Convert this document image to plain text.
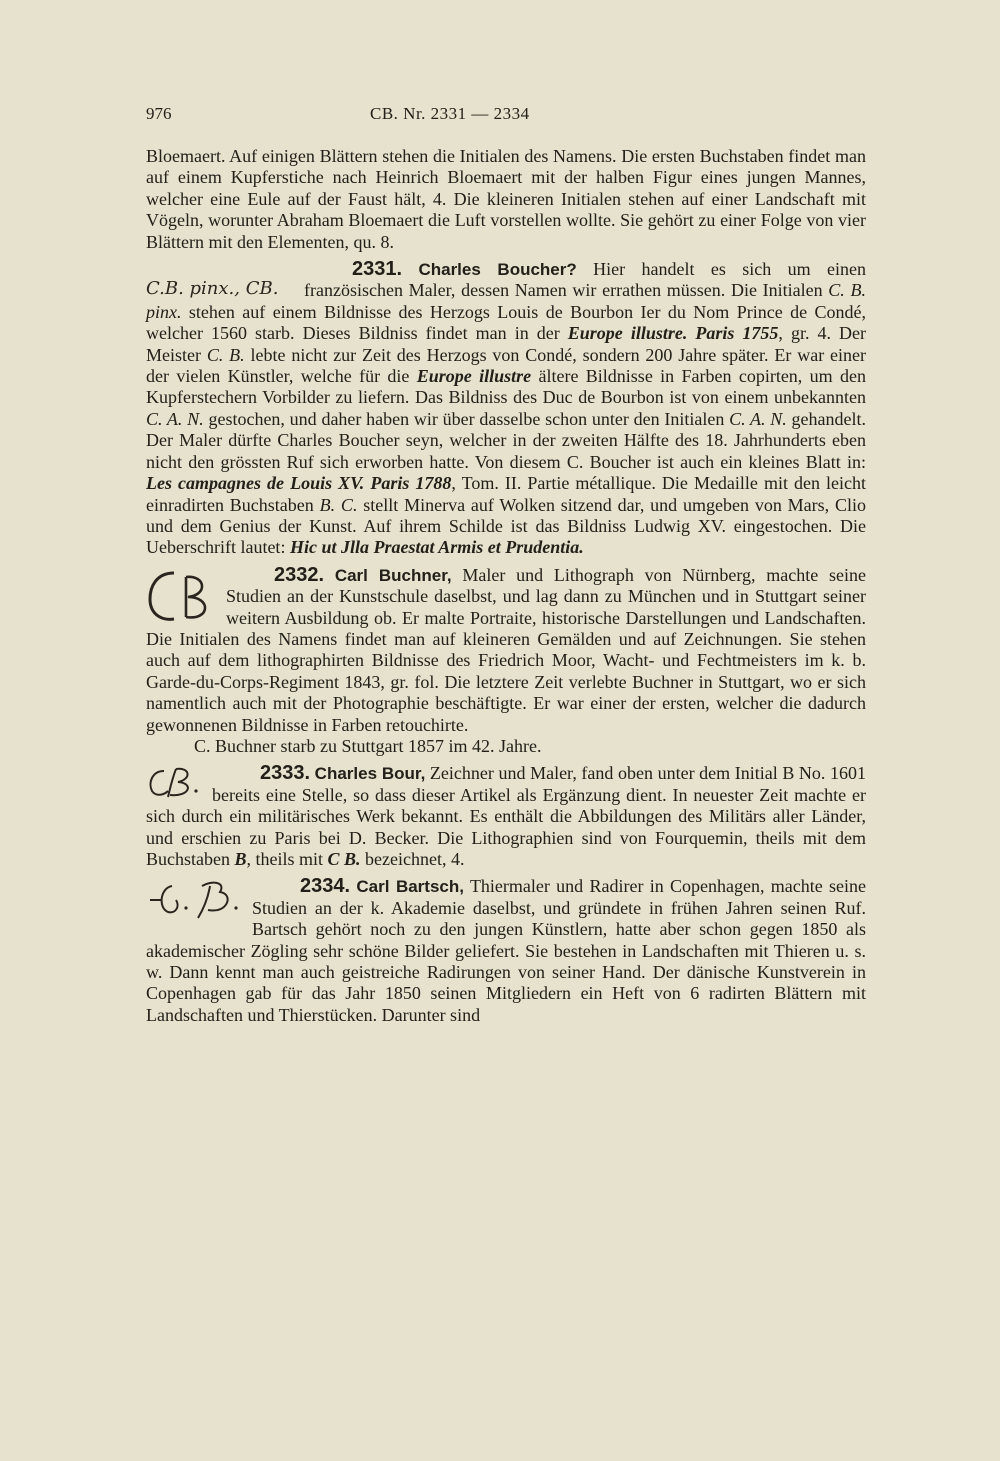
976	CB. Nr. 2331 — 2334

Bloemaert. Auf einigen Blättern stehen die Initialen des Namens. Die ersten Buchstaben findet man auf einem Kupferstiche nach Heinrich Bloemaert mit der halben Figur eines jungen Mannes, welcher eine Eule auf der Faust hält, 4. Die kleineren Initialen stehen auf einer Landschaft mit Vögeln, worunter Abraham Bloemaert die Luft vorstellen wollte. Sie gehört zu einer Folge von vier Blättern mit den Elementen, qu. 8.

C.B. pinx., CB.

2331. Charles Boucher? Hier handelt es sich um einen französischen Maler, dessen Namen wir errathen müssen. Die Initialen C. B. pinx. stehen auf einem Bildnisse des Herzogs Louis de Bourbon Ier du Nom Prince de Condé, welcher 1560 starb. Dieses Bildniss findet man in der Europe illustre. Paris 1755, gr. 4. Der Meister C. B. lebte nicht zur Zeit des Herzogs von Condé, sondern 200 Jahre später. Er war einer der vielen Künstler, welche für die Europe illustre ältere Bildnisse in Farben copirten, um den Kupferstechern Vorbilder zu liefern. Das Bildniss des Duc de Bourbon ist von einem unbekannten C. A. N. gestochen, und daher haben wir über dasselbe schon unter den Initialen C. A. N. gehandelt. Der Maler dürfte Charles Boucher seyn, welcher in der zweiten Hälfte des 18. Jahrhunderts eben nicht den grössten Ruf sich erworben hatte. Von diesem C. Boucher ist auch ein kleines Blatt in: Les campagnes de Louis XV. Paris 1788, Tom. II. Partie métallique. Die Medaille mit den leicht einradirten Buchstaben B. C. stellt Minerva auf Wolken sitzend dar, und umgeben von Mars, Clio und dem Genius der Kunst. Auf ihrem Schilde ist das Bildniss Ludwig XV. eingestochen. Die Ueberschrift lautet: Hic ut Jlla Praestat Armis et Prudentia.

2332. Carl Buchner, Maler und Lithograph von Nürnberg, machte seine Studien an der Kunstschule daselbst, und lag dann zu München und in Stuttgart seiner weitern Ausbildung ob. Er malte Portraite, historische Darstellungen und Landschaften. Die Initialen des Namens findet man auf kleineren Gemälden und auf Zeichnungen. Sie stehen auch auf dem lithographirten Bildnisse des Friedrich Moor, Wacht- und Fechtmeisters im k. b. Garde-du-Corps-Regiment 1843, gr. fol. Die letztere Zeit verlebte Buchner in Stuttgart, wo er sich namentlich auch mit der Photographie beschäftigte. Er war einer der ersten, welcher die dadurch gewonnenen Bildnisse in Farben retouchirte.

C. Buchner starb zu Stuttgart 1857 im 42. Jahre.

2333. Charles Bour, Zeichner und Maler, fand oben unter dem Initial B No. 1601 bereits eine Stelle, so dass dieser Artikel als Ergänzung dient. In neuester Zeit machte er sich durch ein militärisches Werk bekannt. Es enthält die Abbildungen des Militärs aller Länder, und erschien zu Paris bei D. Becker. Die Lithographien sind von Fourquemin, theils mit dem Buchstaben B, theils mit C B. bezeichnet, 4.

2334. Carl Bartsch, Thiermaler und Radirer in Copenhagen, machte seine Studien an der k. Akademie daselbst, und gründete in frühen Jahren seinen Ruf. Bartsch gehört noch zu den jungen Künstlern, hatte aber schon gegen 1850 als akademischer Zögling sehr schöne Bilder geliefert. Sie bestehen in Landschaften mit Thieren u. s. w. Dann kennt man auch geistreiche Radirungen von seiner Hand. Der dänische Kunstverein in Copenhagen gab für das Jahr 1850 seinen Mitgliedern ein Heft von 6 radirten Blättern mit Landschaften und Thierstücken. Darunter sind
